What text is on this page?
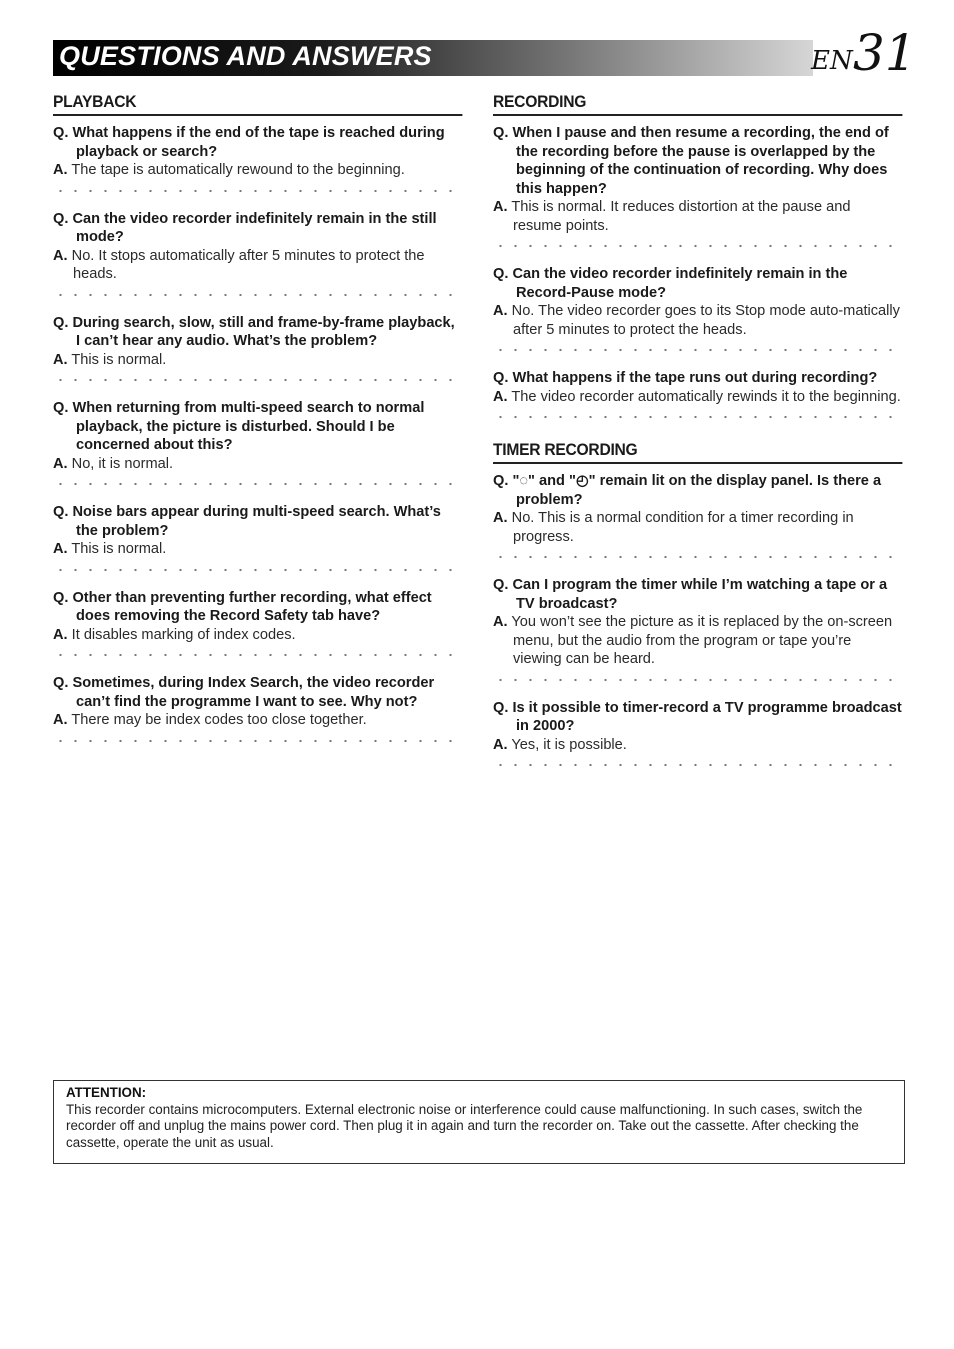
QUESTIONS AND ANSWERS	EN 31
PLAYBACK
Q. What happens if the end of the tape is reached during playback or search?
A. The tape is automatically rewound to the beginning.
Q. Can the video recorder indefinitely remain in the still mode?
A. No. It stops automatically after 5 minutes to protect the heads.
Q. During search, slow, still and frame-by-frame playback, I can’t hear any audio. What’s the problem?
A. This is normal.
Q. When returning from multi-speed search to normal playback, the picture is disturbed. Should I be concerned about this?
A. No, it is normal.
Q. Noise bars appear during multi-speed search. What’s the problem?
A. This is normal.
Q. Other than preventing further recording, what effect does removing the Record Safety tab have?
A. It disables marking of index codes.
Q. Sometimes, during Index Search, the video recorder can’t find the programme I want to see. Why not?
A. There may be index codes too close together.
RECORDING
Q. When I pause and then resume a recording, the end of the recording before the pause is overlapped by the beginning of the continuation of recording. Why does this happen?
A. This is normal. It reduces distortion at the pause and resume points.
Q. Can the video recorder indefinitely remain in the Record-Pause mode?
A. No. The video recorder goes to its Stop mode auto-matically after 5 minutes to protect the heads.
Q. What happens if the tape runs out during recording?
A. The video recorder automatically rewinds it to the beginning.
TIMER RECORDING
Q. "◌" and "◴" remain lit on the display panel. Is there a problem?
A. No. This is a normal condition for a timer recording in progress.
Q. Can I program the timer while I’m watching a tape or a TV broadcast?
A. You won’t see the picture as it is replaced by the on-screen menu, but the audio from the program or tape you’re viewing can be heard.
Q. Is it possible to timer-record a TV programme broadcast in 2000?
A. Yes, it is possible.
ATTENTION:
This recorder contains microcomputers. External electronic noise or interference could cause malfunctioning. In such cases, switch the recorder off and unplug the mains power cord. Then plug it in again and turn the recorder on. Take out the cassette. After checking the cassette, operate the unit as usual.
